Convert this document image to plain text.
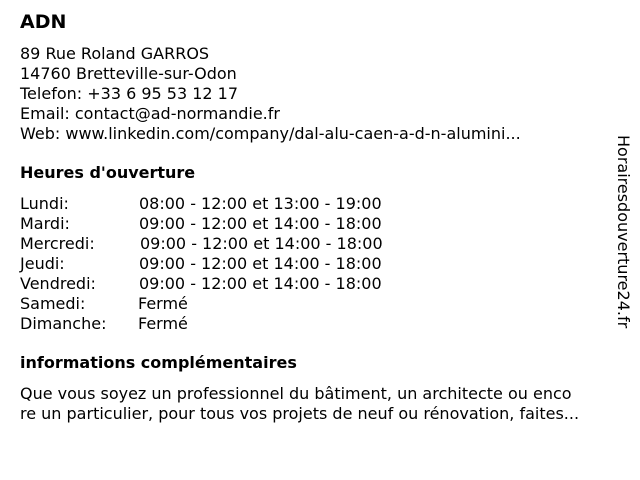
ADN
89 Rue Roland GARROS
14760 Bretteville-sur-Odon
Telefon: +33 6 95 53 12 17
Email: contact@ad-normandie.fr
Web: www.linkedin.com/company/dal-alu-caen-a-d-n-alumini...
Heures d'ouverture
Lundi:	08:00 - 12:00 et 13:00 - 19:00
Mardi:	09:00 - 12:00 et 14:00 - 18:00
Mercredi:	09:00 - 12:00 et 14:00 - 18:00
Jeudi:	09:00 - 12:00 et 14:00 - 18:00
Vendredi:	09:00 - 12:00 et 14:00 - 18:00
Samedi:	Fermé
Dimanche: Fermé
informations complémentaires
Que vous soyez un professionnel du bâtiment, un architecte ou enco
re un particulier, pour tous vos projets de neuf ou rénovation, faites...
Horairesdouverture24.fr
